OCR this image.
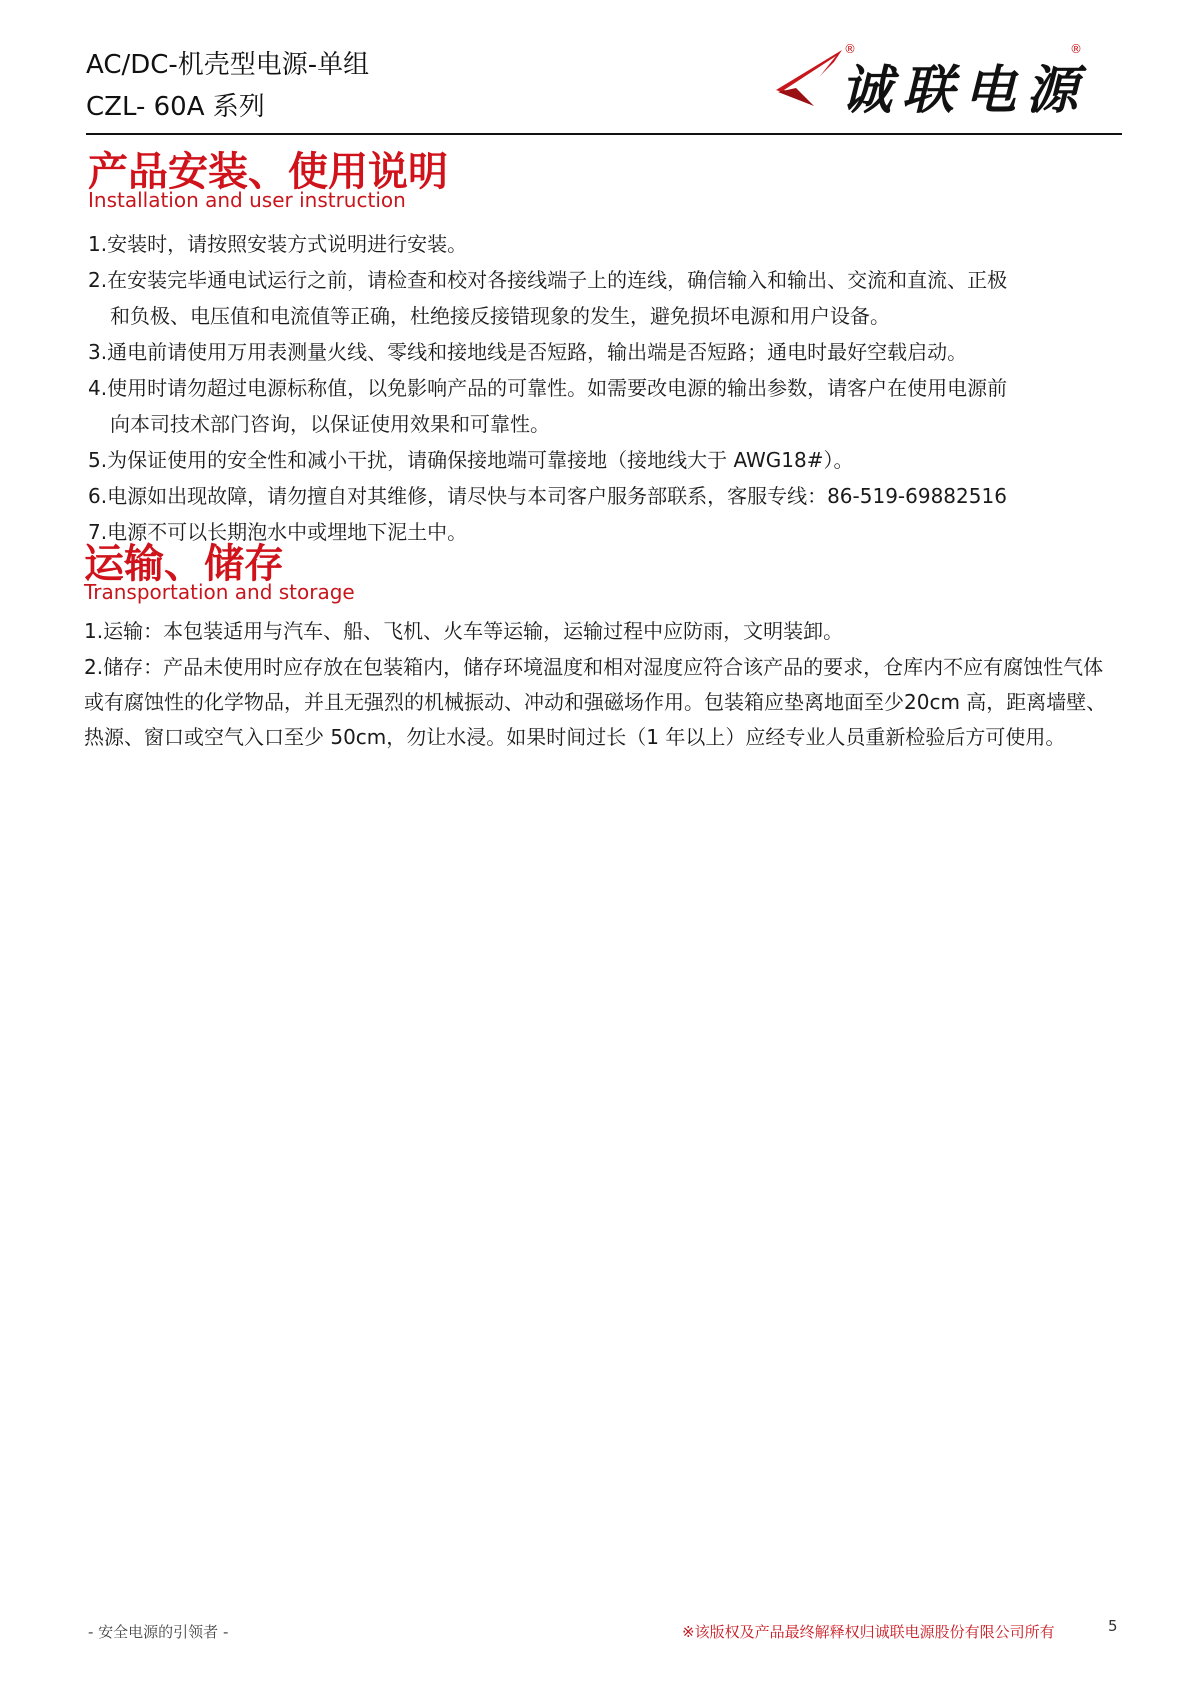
AC/DC-机壳型电源-单组
CZL- 60A 系列
®
诚联电源
®
产品安装、使用说明
Installation and user instruction
1.安装时，请按照安装方式说明进行安装。
2.在安装完毕通电试运行之前，请检查和校对各接线端子上的连线，确信输入和输出、交流和直流、正极
和负极、电压值和电流值等正确，杜绝接反接错现象的发生，避免损坏电源和用户设备。
3.通电前请使用万用表测量火线、零线和接地线是否短路，输出端是否短路；通电时最好空载启动。
4.使用时请勿超过电源标称值，以免影响产品的可靠性。如需要改电源的输出参数，请客户在使用电源前
向本司技术部门咨询，以保证使用效果和可靠性。
5.为保证使用的安全性和减小干扰，请确保接地端可靠接地（接地线大于 AWG18#）。
6.电源如出现故障，请勿擅自对其维修，请尽快与本司客户服务部联系，客服专线：86-519-69882516
7.电源不可以长期泡水中或埋地下泥土中。
运输、储存
Transportation and storage
1.运输：本包装适用与汽车、船、飞机、火车等运输，运输过程中应防雨，文明装卸。
2.储存：产品未使用时应存放在包装箱内，储存环境温度和相对湿度应符合该产品的要求，仓库内不应有腐蚀性气体或有腐蚀性的化学物品，并且无强烈的机械振动、冲动和强磁场作用。包装箱应垫离地面至少20cm 高，距离墙壁、热源、窗口或空气入口至少 50cm，勿让水浸。如果时间过长（1 年以上）应经专业人员重新检验后方可使用。
- 安全电源的引领者 -	※该版权及产品最终解释权归诚联电源股份有限公司所有	5
